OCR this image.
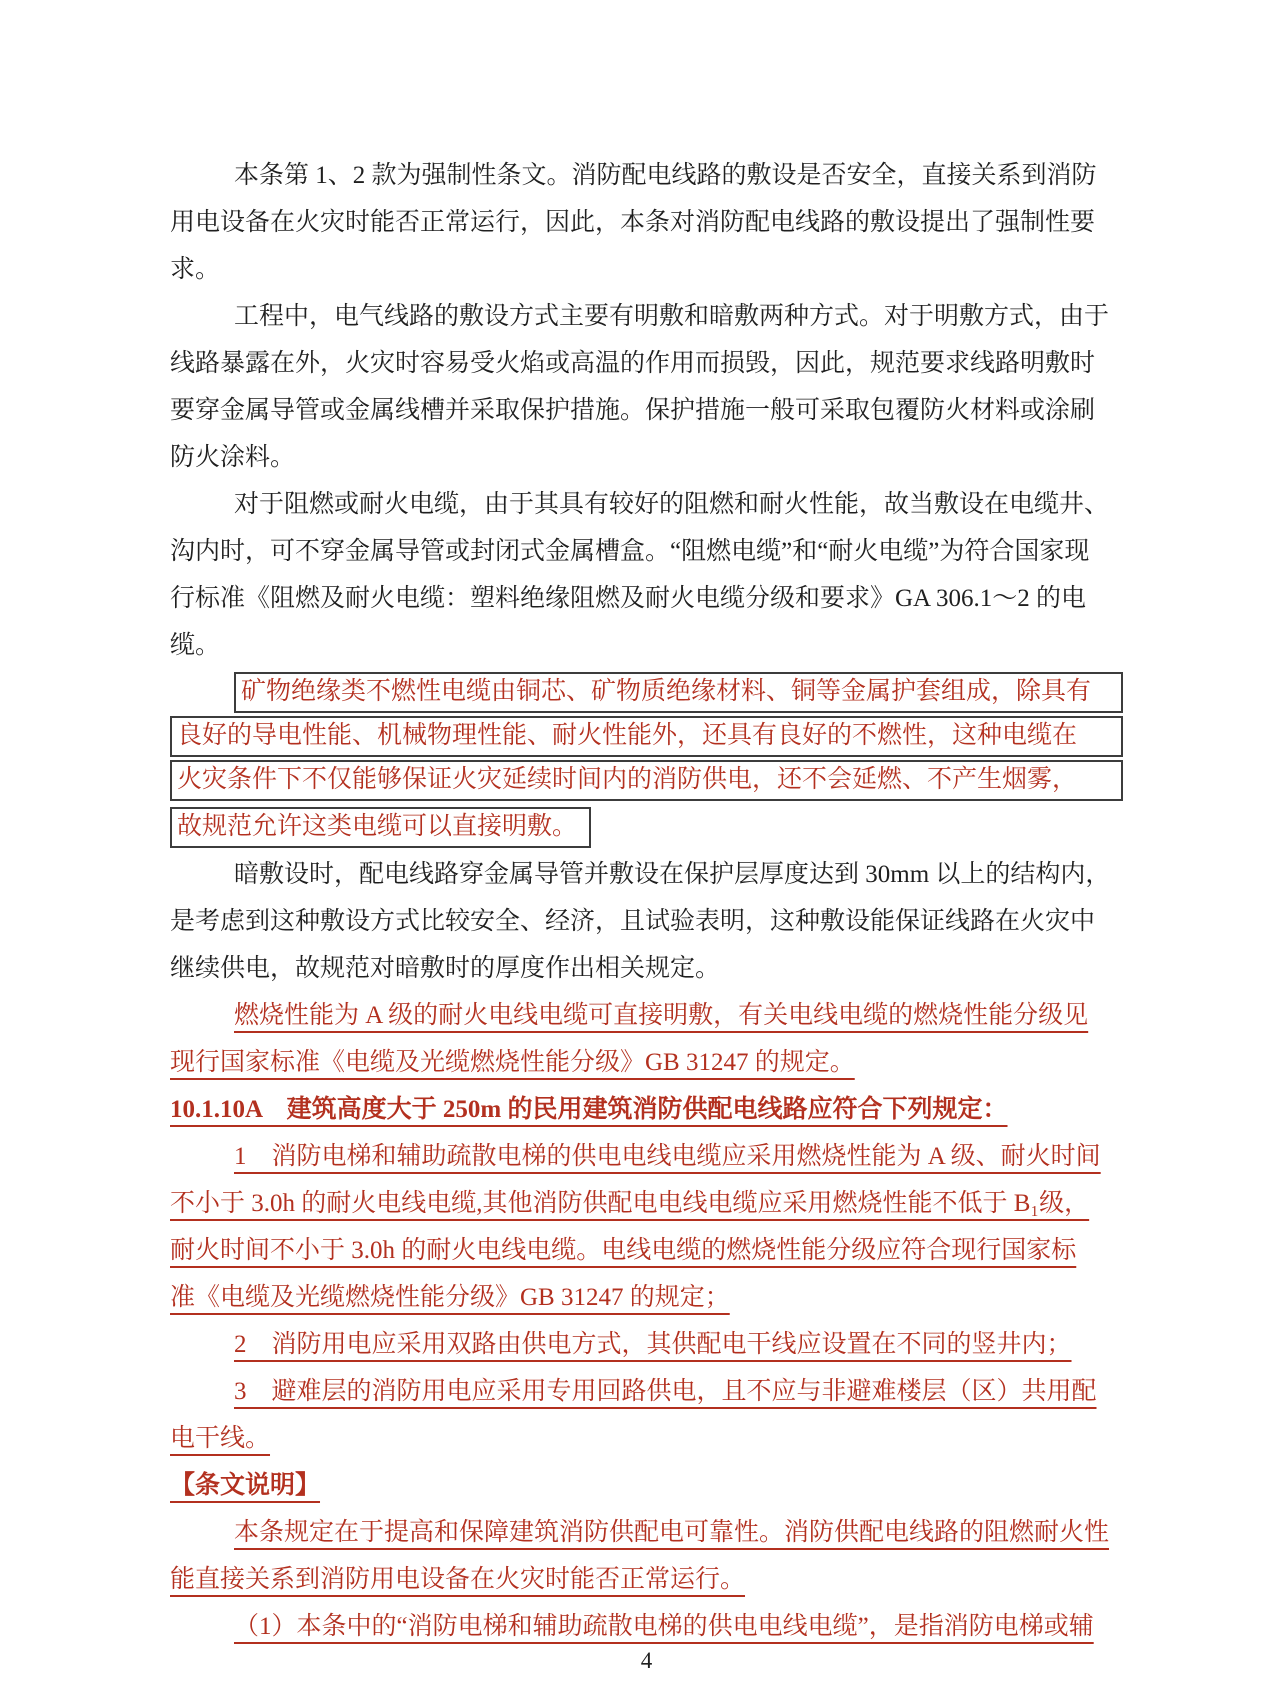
本条第 1、2 款为强制性条文。消防配电线路的敷设是否安全，直接关系到消防
用电设备在火灾时能否正常运行，因此，本条对消防配电线路的敷设提出了强制性要
求。
工程中，电气线路的敷设方式主要有明敷和暗敷两种方式。对于明敷方式，由于
线路暴露在外，火灾时容易受火焰或高温的作用而损毁，因此，规范要求线路明敷时
要穿金属导管或金属线槽并采取保护措施。保护措施一般可采取包覆防火材料或涂刷
防火涂料。
对于阻燃或耐火电缆，由于其具有较好的阻燃和耐火性能，故当敷设在电缆井、
沟内时，可不穿金属导管或封闭式金属槽盒。“阻燃电缆”和“耐火电缆”为符合国家现
行标准《阻燃及耐火电缆：塑料绝缘阻燃及耐火电缆分级和要求》GA 306.1～2 的电
缆。
矿物绝缘类不燃性电缆由铜芯、矿物质绝缘材料、铜等金属护套组成，除具有
良好的导电性能、机械物理性能、耐火性能外，还具有良好的不燃性，这种电缆在
火灾条件下不仅能够保证火灾延续时间内的消防供电，还不会延燃、不产生烟雾，
故规范允许这类电缆可以直接明敷。
暗敷设时，配电线路穿金属导管并敷设在保护层厚度达到 30mm 以上的结构内，
是考虑到这种敷设方式比较安全、经济，且试验表明，这种敷设能保证线路在火灾中
继续供电，故规范对暗敷时的厚度作出相关规定。
燃烧性能为 A 级的耐火电线电缆可直接明敷，有关电线电缆的燃烧性能分级见
现行国家标准《电缆及光缆燃烧性能分级》GB 31247 的规定。
10.1.10A　建筑高度大于 250m 的民用建筑消防供配电线路应符合下列规定：
1　消防电梯和辅助疏散电梯的供电电线电缆应采用燃烧性能为 A 级、耐火时间
不小于 3.0h 的耐火电线电缆,其他消防供配电电线电缆应采用燃烧性能不低于 B₁级，
耐火时间不小于 3.0h 的耐火电线电缆。电线电缆的燃烧性能分级应符合现行国家标
准《电缆及光缆燃烧性能分级》GB 31247 的规定；
2　消防用电应采用双路由供电方式，其供配电干线应设置在不同的竖井内；
3　避难层的消防用电应采用专用回路供电，且不应与非避难楼层（区）共用配
电干线。
【条文说明】
本条规定在于提高和保障建筑消防供配电可靠性。消防供配电线路的阻燃耐火性
能直接关系到消防用电设备在火灾时能否正常运行。
（1）本条中的“消防电梯和辅助疏散电梯的供电电线电缆”，是指消防电梯或辅
4
